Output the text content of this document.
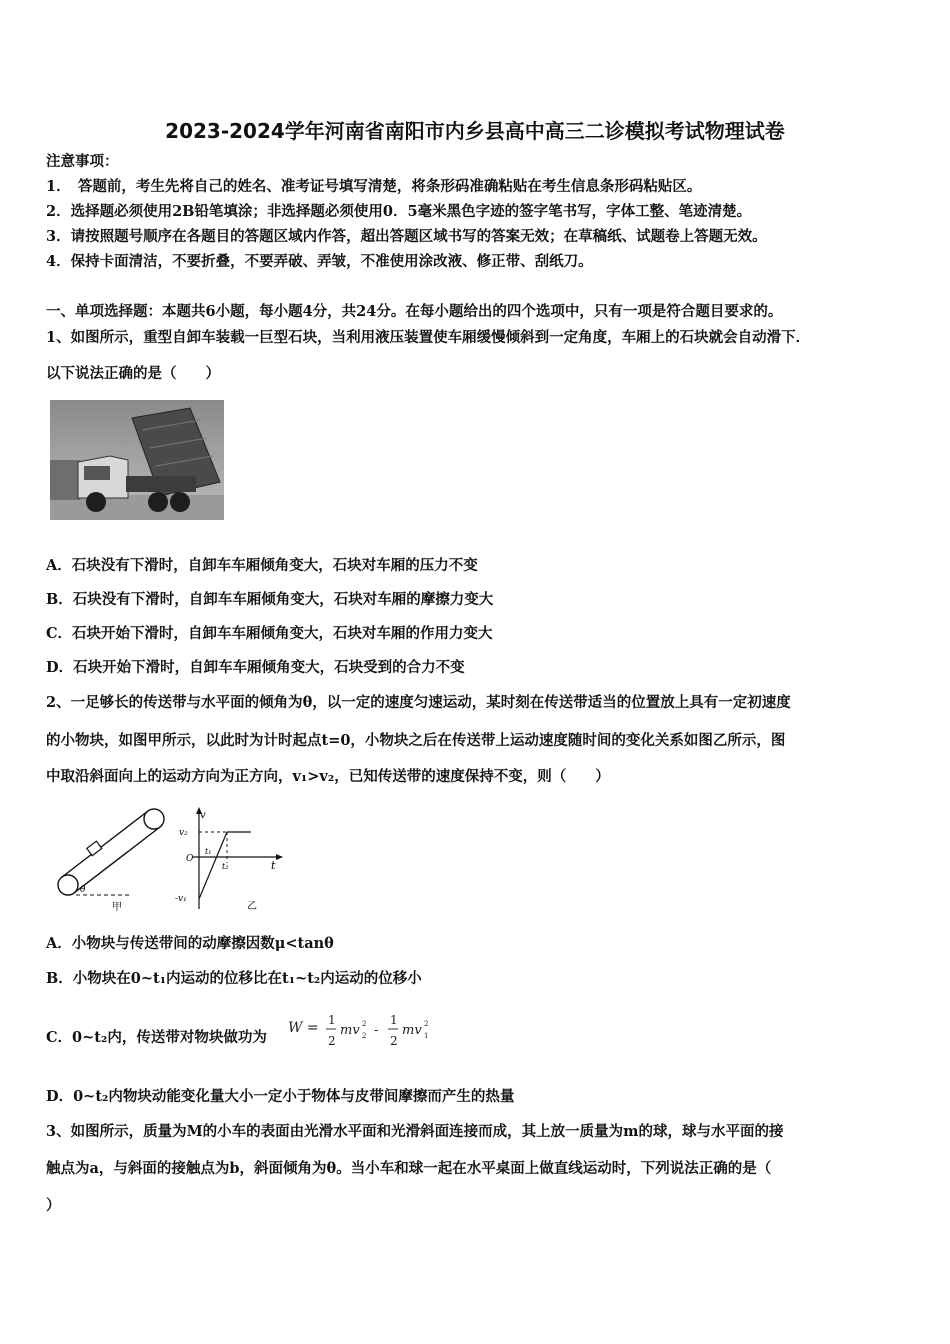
2023-2024学年河南省南阳市内乡县高中高三二诊模拟考试物理试卷
注意事项：
1．　答题前，考生先将自己的姓名、准考证号填写清楚，将条形码准确粘贴在考生信息条形码粘贴区。
2．选择题必须使用2B铅笔填涂；非选择题必须使用0．5毫米黑色字迹的签字笔书写，字体工整、笔迹清楚。
3．请按照题号顺序在各题目的答题区域内作答，超出答题区域书写的答案无效；在草稿纸、试题卷上答题无效。
4．保持卡面清洁，不要折叠，不要弄破、弄皱，不准使用涂改液、修正带、刮纸刀。
一、单项选择题：本题共6小题，每小题4分，共24分。在每小题给出的四个选项中，只有一项是符合题目要求的。
1、如图所示，重型自卸车装载一巨型石块，当利用液压装置使车厢缓慢倾斜到一定角度，车厢上的石块就会自动滑下．
以下说法正确的是（　　）
A．石块没有下滑时，自卸车车厢倾角变大，石块对车厢的压力不变
B．石块没有下滑时，自卸车车厢倾角变大，石块对车厢的摩擦力变大
C．石块开始下滑时，自卸车车厢倾角变大，石块对车厢的作用力变大
D．石块开始下滑时，自卸车车厢倾角变大，石块受到的合力不变
2、一足够长的传送带与水平面的倾角为θ，以一定的速度匀速运动，某时刻在传送带适当的位置放上具有一定初速度
的小物块，如图甲所示，以此时为计时起点t=0，小物块之后在传送带上运动速度随时间的变化关系如图乙所示，图
中取沿斜面向上的运动方向为正方向，v₁>v₂，已知传送带的速度保持不变，则（　　）
θ
甲
v
t
v₂
O
t₁
t₂
-v₁
乙
A．小物块与传送带间的动摩擦因数μ<tanθ
B．小物块在0~t₁内运动的位移比在t₁~t₂内运动的位移小
C．0~t₂内，传送带对物块做功为
W = 1
2
mv 2
2 -
1
2
mv 2
1
D．0~t₂内物块动能变化量大小一定小于物体与皮带间摩擦而产生的热量
3、如图所示，质量为M的小车的表面由光滑水平面和光滑斜面连接而成，其上放一质量为m的球，球与水平面的接
触点为a，与斜面的接触点为b，斜面倾角为θ。当小车和球一起在水平桌面上做直线运动时，下列说法正确的是（
）
